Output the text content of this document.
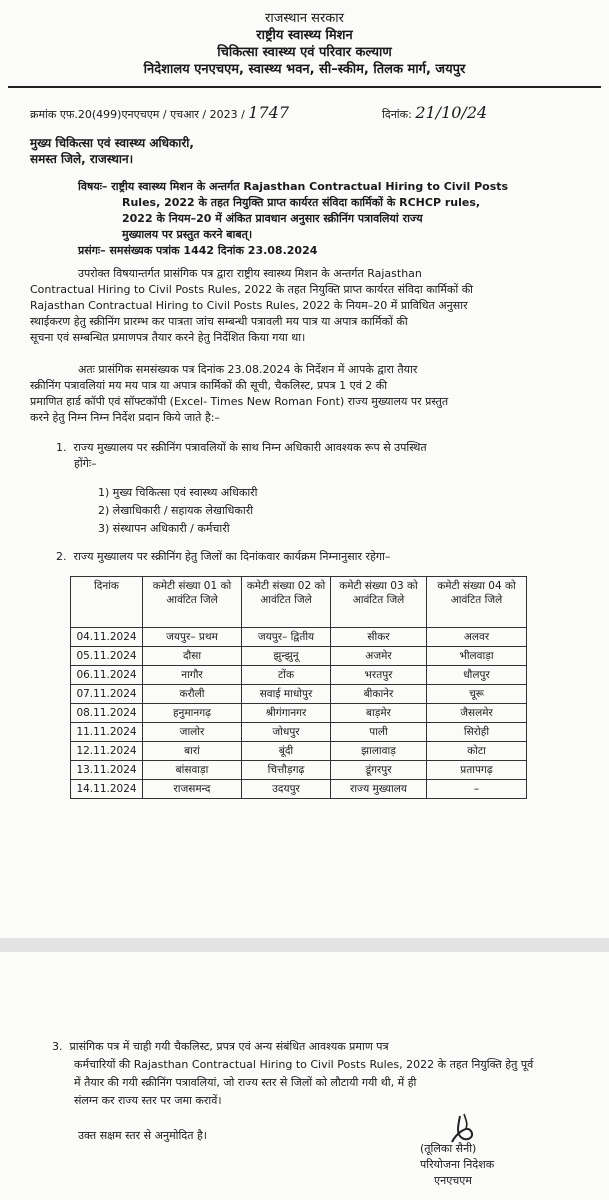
राजस्थान सरकार
राष्ट्रीय स्वास्थ्य मिशन
चिकित्सा स्वास्थ्य एवं परिवार कल्याण
निदेशालय एनएचएम, स्वास्थ्य भवन, सी–स्कीम, तिलक मार्ग, जयपुर
क्रमांक एफ.20(499)एनएचएम / एचआर / 2023 / 1747	दिनांक: 21/10/24
मुख्य चिकित्सा एवं स्वास्थ्य अधिकारी,
समस्त जिले, राजस्थान।
विषयः– राष्ट्रीय स्वास्थ्य मिशन के अन्तर्गत Rajasthan Contractual Hiring to Civil Posts
Rules, 2022 के तहत नियुक्ति प्राप्त कार्यरत संविदा कार्मिकों के RCHCP rules,
2022 के नियम–20 में अंकित प्रावधान अनुसार स्क्रीनिंग पत्रावलियां राज्य
मुख्यालय पर प्रस्तुत करने बाबत्।
प्रसंगः– समसंख्यक पत्रांक 1442 दिनांक 23.08.2024
उपरोक्त विषयान्तर्गत प्रासंगिक पत्र द्वारा राष्ट्रीय स्वास्थ्य मिशन के अन्तर्गत Rajasthan
Contractual Hiring to Civil Posts Rules, 2022 के तहत नियुक्ति प्राप्त कार्यरत संविदा कार्मिकों की
Rajasthan Contractual Hiring to Civil Posts Rules, 2022 के नियम–20 में प्राविधित अनुसार
स्थाईकरण हेतु स्क्रीनिंग प्रारम्भ कर पात्रता जांच सम्बन्धी पत्रावली मय पात्र या अपात्र कार्मिकों की
सूचना एवं सम्बन्धित प्रमाणपत्र तैयार करने हेतु निर्देशित किया गया था।
अतः प्रासंगिक समसंख्यक पत्र दिनांक 23.08.2024 के निर्देशन में आपके द्वारा तैयार
स्क्रीनिंग पत्रावलियां मय मय पात्र या अपात्र कार्मिकों की सूची, चैकलिस्ट, प्रपत्र 1 एवं 2 की
प्रमाणित हार्ड कॉपी एवं सॉफ्टकॉपी (Excel- Times New Roman Font) राज्य मुख्यालय पर प्रस्तुत
करने हेतु निम्न निम्न निर्देश प्रदान किये जाते है:–
1. राज्य मुख्यालय पर स्क्रीनिंग पत्रावलियों के साथ निम्न अधिकारी आवश्यक रूप से उपस्थित
होंगेः–
1) मुख्य चिकित्सा एवं स्वास्थ्य अधिकारी
2) लेखाधिकारी / सहायक लेखाधिकारी
3) संस्थापन अधिकारी / कर्मचारी
2. राज्य मुख्यालय पर स्क्रीनिंग हेतु जिलों का दिनांकवार कार्यक्रम निम्नानुसार रहेगा–
दिनांक	कमेटी संख्या 01 को आवंटित जिले	कमेटी संख्या 02 को आवंटित जिले	कमेटी संख्या 03 को आवंटित जिले	कमेटी संख्या 04 को आवंटित जिले
04.11.2024	जयपुर– प्रथम	जयपुर– द्वितीय	सीकर	अलवर
05.11.2024	दौसा	झुन्झुनू	अजमेर	भीलवाड़ा
06.11.2024	नागौर	टोंक	भरतपुर	धौलपुर
07.11.2024	करौली	सवाई माधोपुर	बीकानेर	चूरू
08.11.2024	हनुमानगढ़	श्रीगंगानगर	बाड़मेर	जैसलमेर
11.11.2024	जालोर	जोधपुर	पाली	सिरोही
12.11.2024	बारां	बूंदी	झालावाड़	कोटा
13.11.2024	बांसवाड़ा	चित्तौड़गढ़	डूंगरपुर	प्रतापगढ़
14.11.2024	राजसमन्द	उदयपुर	राज्य मुख्यालय	–
3. प्रासंगिक पत्र में चाही गयी चैकलिस्ट, प्रपत्र एवं अन्य संबंधित आवश्यक प्रमाण पत्र
कर्मचारियों की Rajasthan Contractual Hiring to Civil Posts Rules, 2022 के तहत नियुक्ति हेतु पूर्व
में तैयार की गयी स्क्रीनिंग पत्रावलियां, जो राज्य स्तर से जिलों को लौटायी गयी थी, में ही
संलग्न कर राज्य स्तर पर जमा करावें।
उक्त सक्षम स्तर से अनुमोदित है।
(तूलिका सैनी)
परियोजना निदेशक
एनएचएम
